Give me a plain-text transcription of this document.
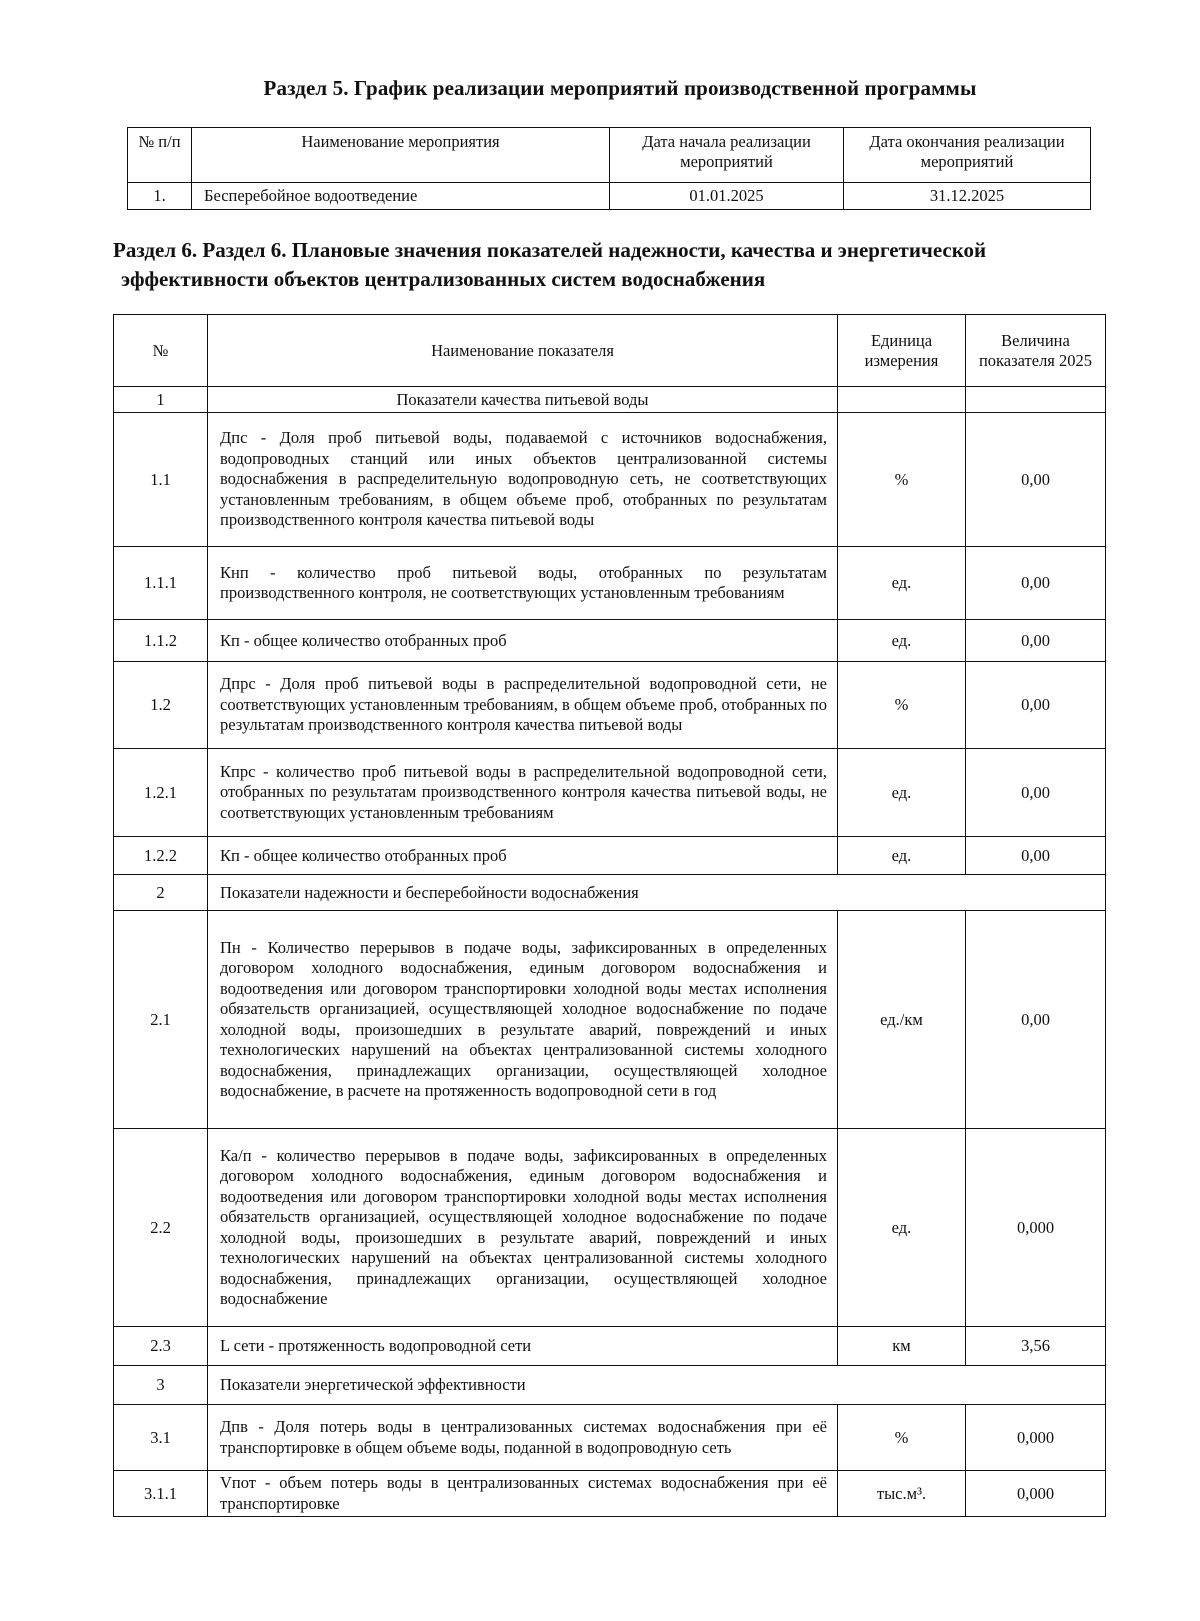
Раздел 5. График реализации мероприятий производственной программы
№ п/п	Наименование мероприятия	Дата начала реализации мероприятий	Дата окончания реализации мероприятий
1.	Бесперебойное водоотведение	01.01.2025	31.12.2025
Раздел 6. Раздел 6. Плановые значения показателей надежности, качества и энергетической
эффективности объектов централизованных систем водоснабжения
№	Наименование показателя	Единица измерения	Величина показателя 2025
1	Показатели качества питьевой воды		
1.1	Дпс - Доля проб питьевой воды, подаваемой с источников водоснабжения, водопроводных станций или иных объектов централизованной системы водоснабжения в распределительную водопроводную сеть, не соответствующих установленным требованиям, в общем объеме проб, отобранных по результатам производственного контроля качества питьевой воды	%	0,00
1.1.1	Кнп - количество проб питьевой воды, отобранных по результатам производственного контроля, не соответствующих установленным требованиям	ед.	0,00
1.1.2	Кп - общее количество отобранных проб	ед.	0,00
1.2	Дпрс - Доля проб питьевой воды в распределительной водопроводной сети, не соответствующих установленным требованиям, в общем объеме проб, отобранных по результатам производственного контроля качества питьевой воды	%	0,00
1.2.1	Кпрс - количество проб питьевой воды в распределительной водопроводной сети, отобранных по результатам производственного контроля качества питьевой воды, не соответствующих установленным требованиям	ед.	0,00
1.2.2	Кп - общее количество отобранных проб	ед.	0,00
2	Показатели надежности и бесперебойности водоснабжения		
2.1	Пн - Количество перерывов в подаче воды, зафиксированных в определенных договором холодного водоснабжения, единым договором водоснабжения и водоотведения или договором транспортировки холодной воды местах исполнения обязательств организацией, осуществляющей холодное водоснабжение по подаче холодной воды, произошедших в результате аварий, повреждений и иных технологических нарушений на объектах централизованной системы холодного водоснабжения, принадлежащих организации, осуществляющей холодное водоснабжение, в расчете на протяженность водопроводной сети в год	ед./км	0,00
2.2	Ка/п - количество перерывов в подаче воды, зафиксированных в определенных договором холодного водоснабжения, единым договором водоснабжения и водоотведения или договором транспортировки холодной воды местах исполнения обязательств организацией, осуществляющей холодное водоснабжение по подаче холодной воды, произошедших в результате аварий, повреждений и иных технологических нарушений на объектах централизованной системы холодного водоснабжения, принадлежащих организации, осуществляющей холодное водоснабжение	ед.	0,000
2.3	L сети - протяженность водопроводной сети	км	3,56
3	Показатели энергетической эффективности		
3.1	Дпв - Доля потерь воды в централизованных системах водоснабжения при её транспортировке в общем объеме воды, поданной в водопроводную сеть	%	0,000
3.1.1	Vпот - объем потерь воды в централизованных системах водоснабжения при её транспортировке	тыс.м³.	0,000
